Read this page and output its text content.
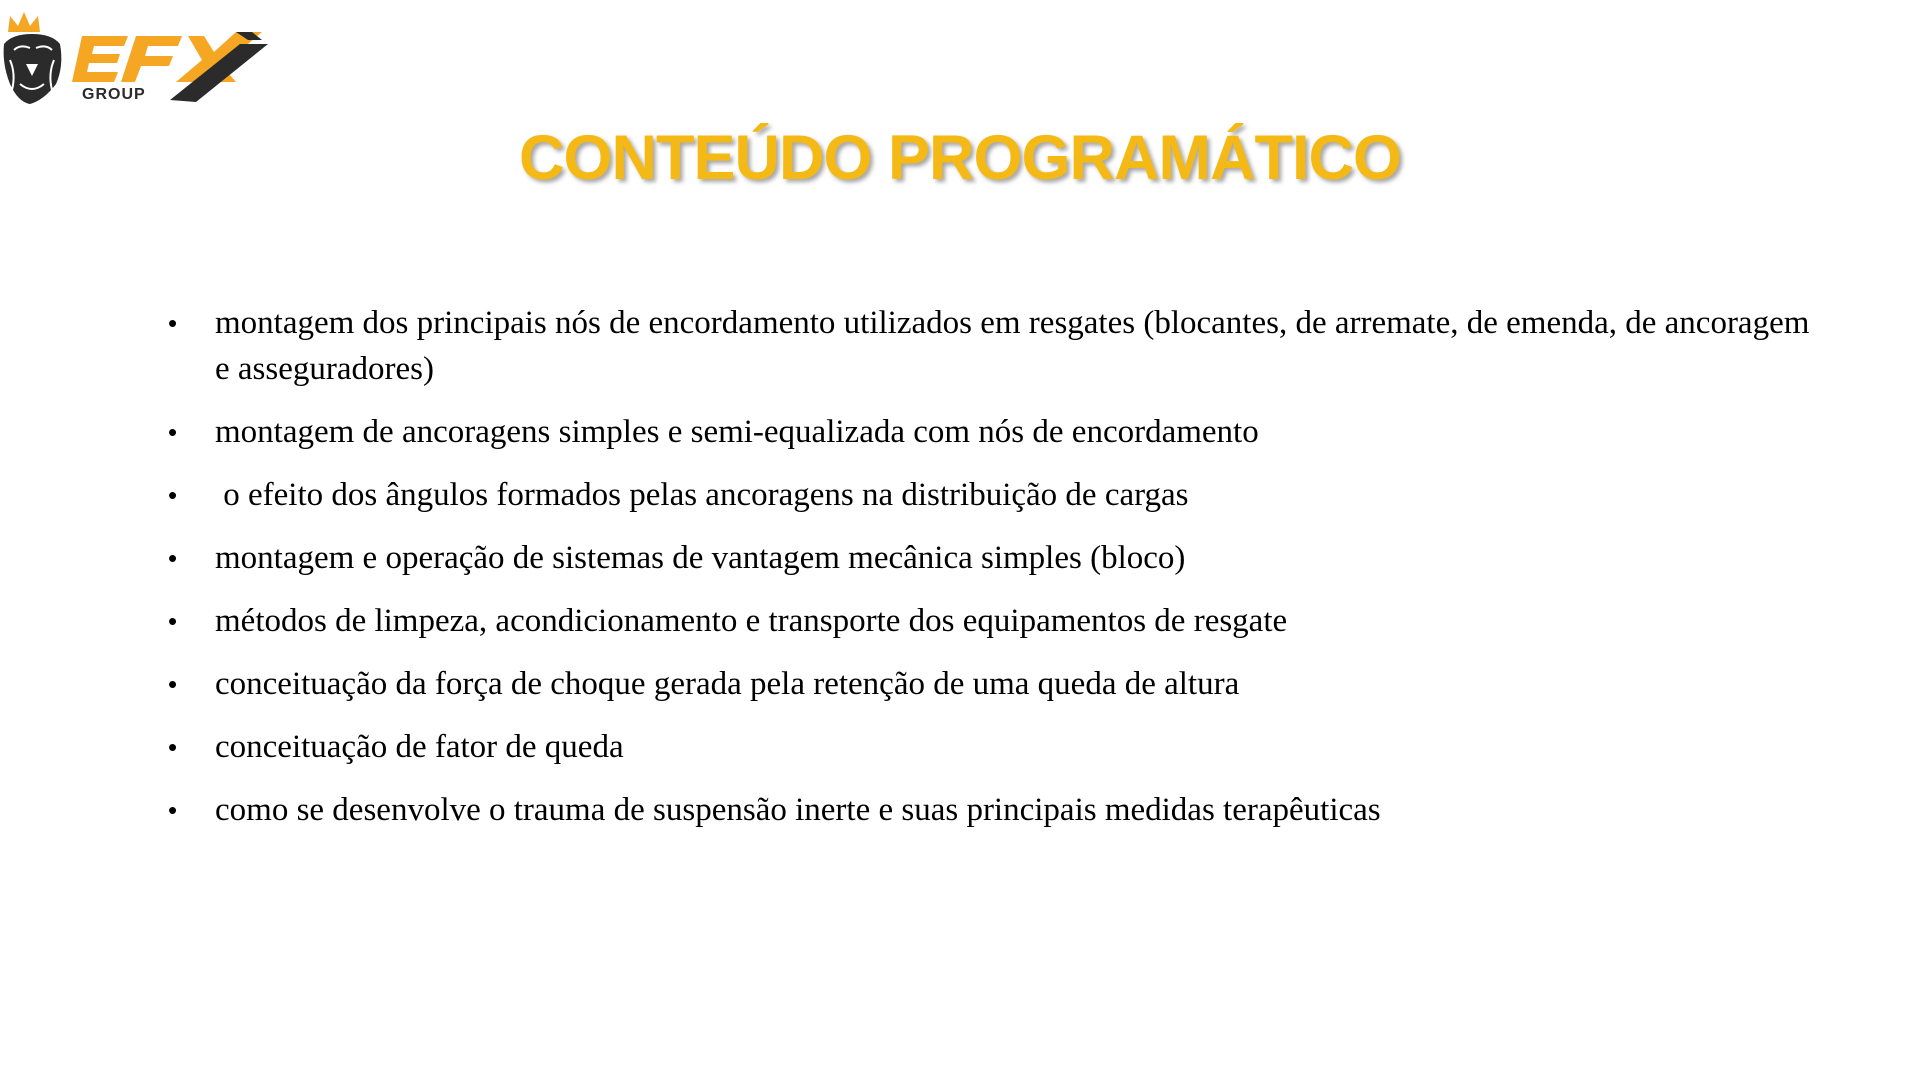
GROUP
CONTEÚDO PROGRAMÁTICO
• montagem dos principais nós de encordamento utilizados em resgates (blocantes, de arremate, de emenda, de ancoragem e asseguradores)
• montagem de ancoragens simples e semi-equalizada com nós de encordamento
• o efeito dos ângulos formados pelas ancoragens na distribuição de cargas
• montagem e operação de sistemas de vantagem mecânica simples (bloco)
• métodos de limpeza, acondicionamento e transporte dos equipamentos de resgate
• conceituação da força de choque gerada pela retenção de uma queda de altura
• conceituação de fator de queda
• como se desenvolve o trauma de suspensão inerte e suas principais medidas terapêuticas
